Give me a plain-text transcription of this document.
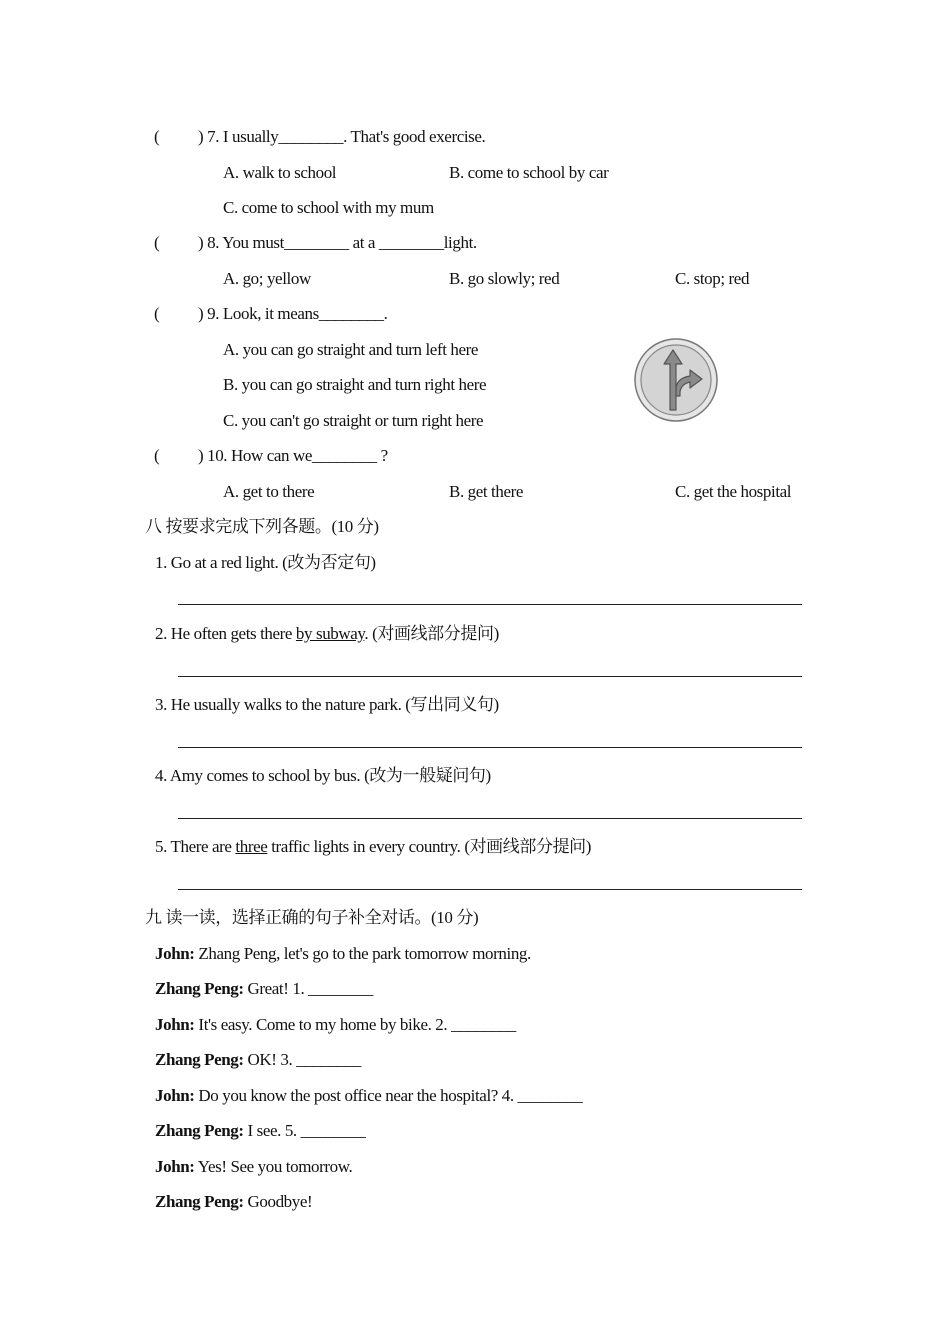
( ) 7. I usually________. That's good exercise.
A. walk to school	B. come to school by car
C. come to school with my mum
( ) 8. You must________ at a ________light.
A. go; yellow	B. go slowly; red	C. stop; red
( ) 9. Look, it means________.
A. you can go straight and turn left here
B. you can go straight and turn right here
C. you can't go straight or turn right here
( ) 10. How can we________ ?
A. get to there	B. get there	C. get the hospital
八 按要求完成下列各题。(10 分)
1. Go at a red light. (改为否定句)
2. He often gets there by subway. (对画线部分提问)
3. He usually walks to the nature park. (写出同义句)
4. Amy comes to school by bus. (改为一般疑问句)
5. There are three traffic lights in every country. (对画线部分提问)
九 读一读，选择正确的句子补全对话。(10 分)
John: Zhang Peng, let's go to the park tomorrow morning.
Zhang Peng: Great! 1. ________
John: It's easy. Come to my home by bike. 2. ________
Zhang Peng: OK! 3. ________
John: Do you know the post office near the hospital? 4. ________
Zhang Peng: I see. 5. ________
John: Yes! See you tomorrow.
Zhang Peng: Goodbye!
